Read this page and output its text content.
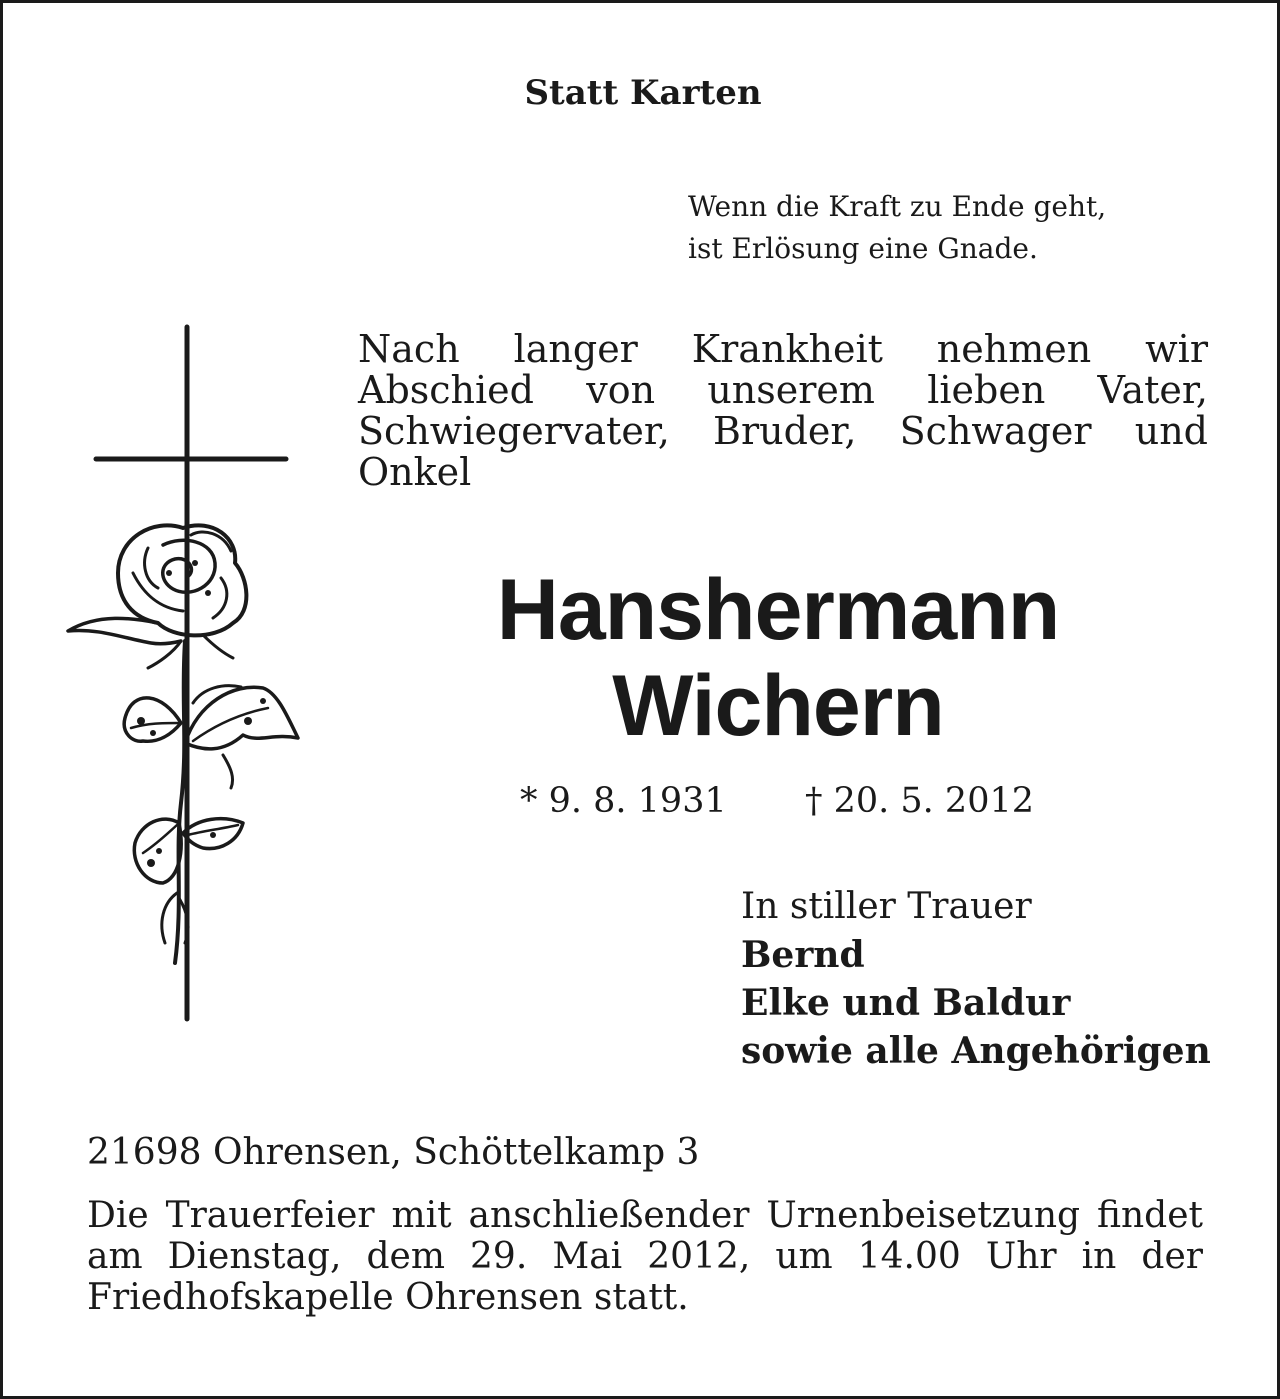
Statt Karten
Wenn die Kraft zu Ende geht,
ist Erlösung eine Gnade.
Nach langer Krankheit nehmen wir Abschied von unserem lieben Vater, Schwiegervater, Bruder, Schwager und Onkel
Hanshermann
Wichern
* 9. 8. 1931 † 20. 5. 2012
In stiller Trauer
Bernd
Elke und Baldur
sowie alle Angehörigen
21698 Ohrensen, Schöttelkamp 3
Die Trauerfeier mit anschließender Urnenbeisetzung findet am Dienstag, dem 29. Mai 2012, um 14.00 Uhr in der Friedhofskapelle Ohrensen statt.
